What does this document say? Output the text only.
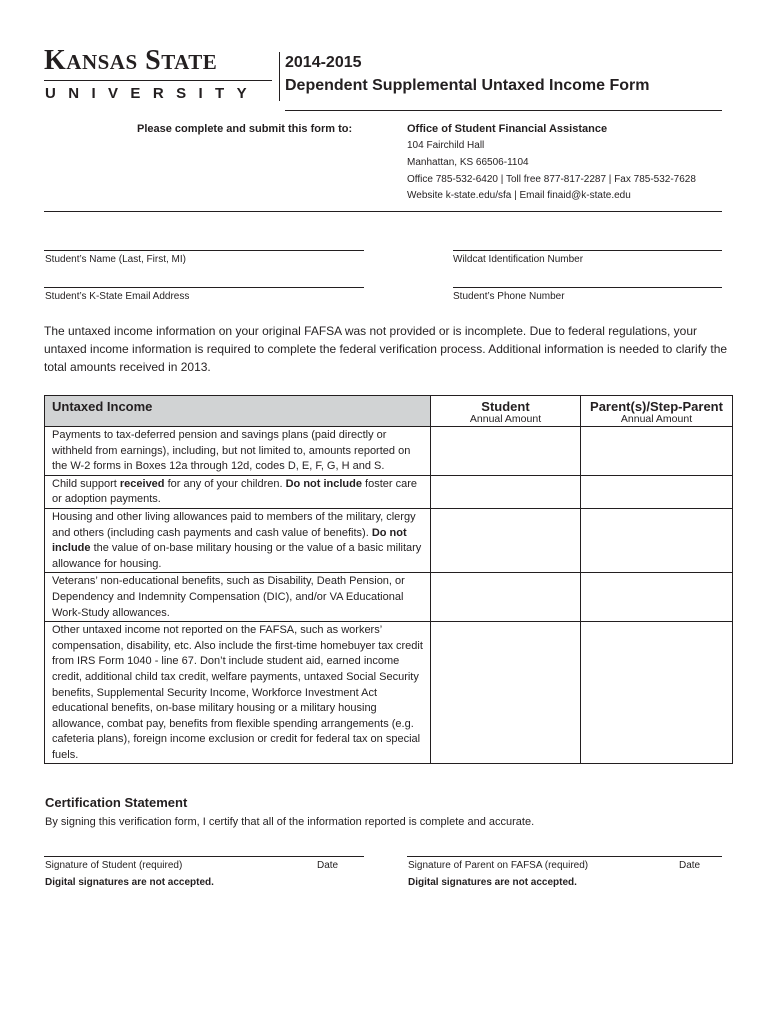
KANSAS STATE
UNIVERSITY
2014-2015
Dependent Supplemental Untaxed Income Form
Please complete and submit this form to:	Office of Student Financial Assistance
104 Fairchild Hall
Manhattan, KS 66506-1104
Office 785-532-6420 | Toll free 877-817-2287 | Fax 785-532-7628
Website k-state.edu/sfa | Email finaid@k-state.edu
Student’s Name (Last, First, MI)	Wildcat Identification Number
Student’s K-State Email Address	Student’s Phone Number
The untaxed income information on your original FAFSA was not provided or is incomplete. Due to federal regulations, your untaxed income information is required to complete the federal verification process. Additional information is needed to clarify the total amounts received in 2013.
Untaxed Income	Student	Parent(s)/Step-Parent
	Annual Amount	Annual Amount
Payments to tax-deferred pension and savings plans (paid directly or withheld from earnings), including, but not limited to, amounts reported on the W-2 forms in Boxes 12a through 12d, codes D, E, F, G, H and S.		
Child support received for any of your children. Do not include foster care or adoption payments.		
Housing and other living allowances paid to members of the military, clergy and others (including cash payments and cash value of benefits). Do not include the value of on-base military housing or the value of a basic military allowance for housing.		
Veterans’ non-educational benefits, such as Disability, Death Pension, or Dependency and Indemnity Compensation (DIC), and/or VA Educational Work-Study allowances.		
Other untaxed income not reported on the FAFSA, such as workers’ compensation, disability, etc. Also include the first-time homebuyer tax credit from IRS Form 1040 - line 67. Don’t include student aid, earned income credit, additional child tax credit, welfare payments, untaxed Social Security benefits, Supplemental Security Income, Workforce Investment Act educational benefits, on-base military housing or a military housing allowance, combat pay, benefits from flexible spending arrangements (e.g. cafeteria plans), foreign income exclusion or credit for federal tax on special fuels.		
Certification Statement
By signing this verification form, I certify that all of the information reported is complete and accurate.
Signature of Student (required)	Date
Digital signatures are not accepted.
Signature of Parent on FAFSA (required)	Date
Digital signatures are not accepted.
